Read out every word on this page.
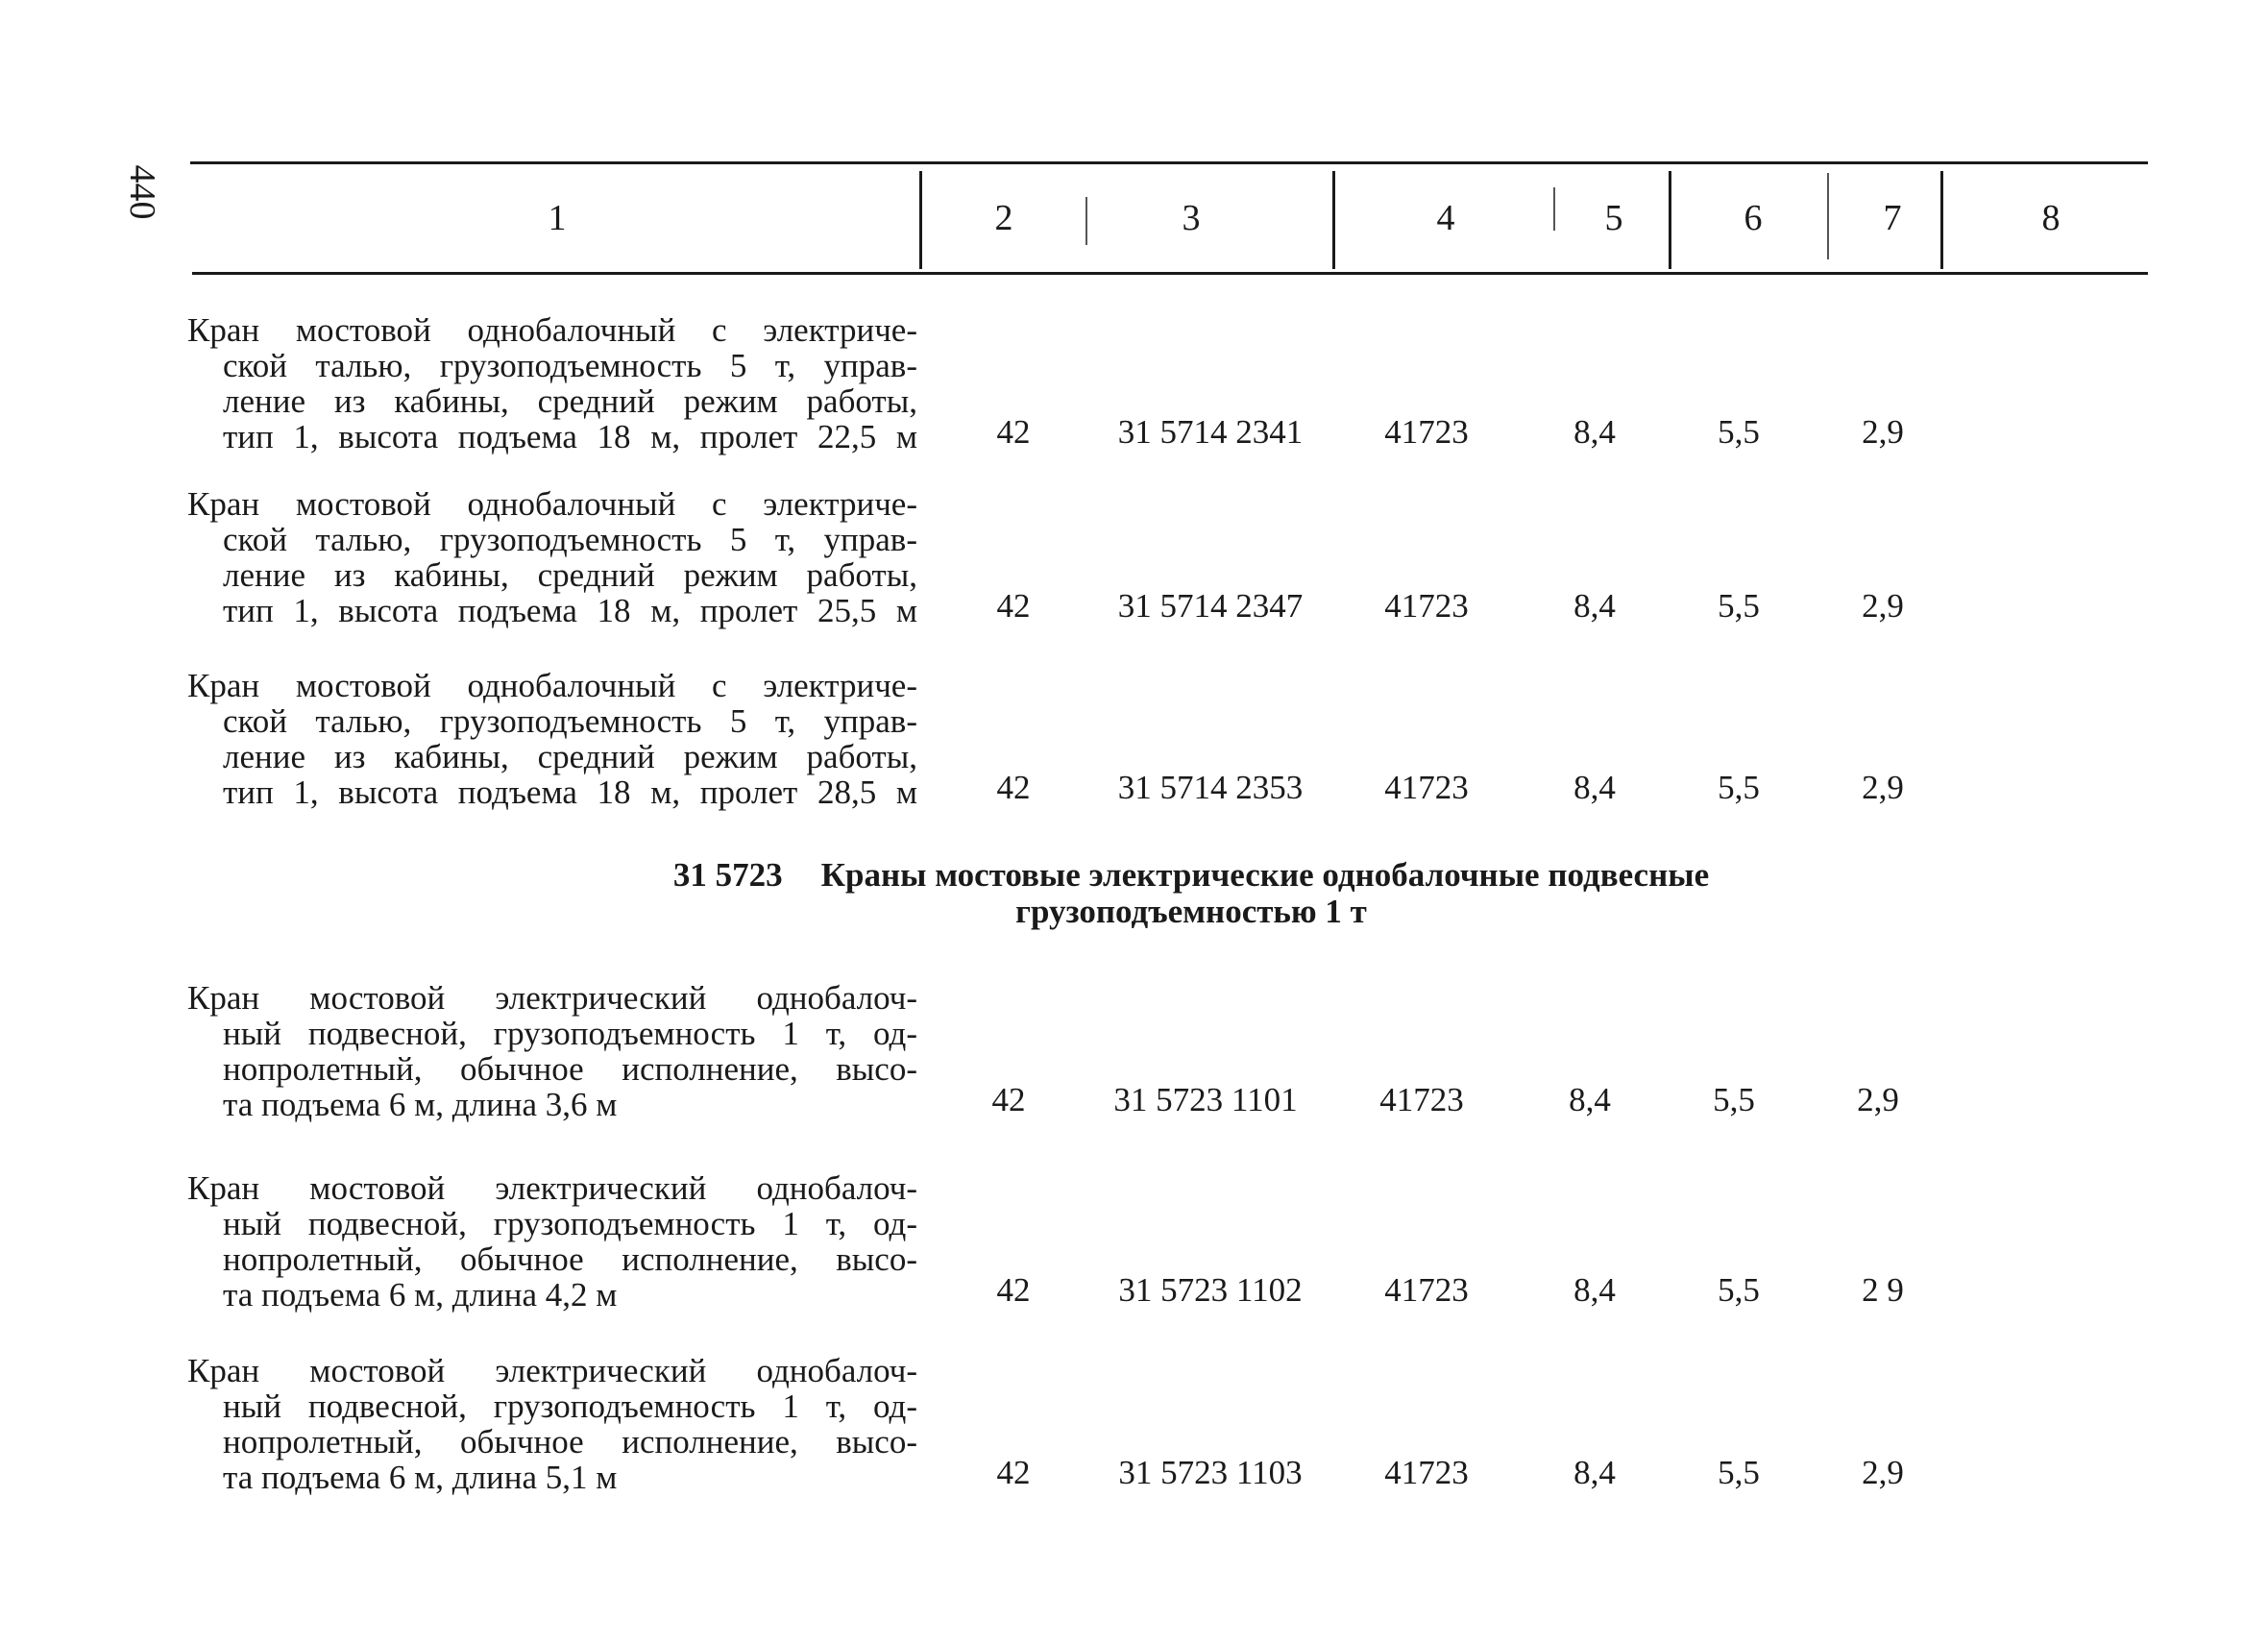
440	1	2	3	4	5	6	7	8
Кран мостовой однобалочный с электриче-
ской талью, грузоподъемность 5 т, управ-
ление из кабины, средний режим работы,
тип 1, высота подъема 18 м, пролет 22,5 м	42	31 5714 2341	41723	8,4	5,5	2,9
Кран мостовой однобалочный с электриче-
ской талью, грузоподъемность 5 т, управ-
ление из кабины, средний режим работы,
тип 1, высота подъема 18 м, пролет 25,5 м	42	31 5714 2347	41723	8,4	5,5	2,9
Кран мостовой однобалочный с электриче-
ской талью, грузоподъемность 5 т, управ-
ление из кабины, средний режим работы,
тип 1, высота подъема 18 м, пролет 28,5 м	42	31 5714 2353	41723	8,4	5,5	2,9
31 5723 Краны мостовые электрические однобалочные подвесные
грузоподъемностью 1 т
Кран мостовой электрический однобалоч-
ный подвесной, грузоподъемность 1 т, од-
нопролетный, обычное исполнение, высо-
та подъема 6 м, длина 3,6 м	42	31 5723 1101	41723	8,4	5,5	2,9
Кран мостовой электрический однобалоч-
ный подвесной, грузоподъемность 1 т, од-
нопролетный, обычное исполнение, высо-
та подъема 6 м, длина 4,2 м	42	31 5723 1102	41723	8,4	5,5	2 9
Кран мостовой электрический однобалоч-
ный подвесной, грузоподъемность 1 т, од-
нопролетный, обычное исполнение, высо-
та подъема 6 м, длина 5,1 м	42	31 5723 1103	41723	8,4	5,5	2,9
